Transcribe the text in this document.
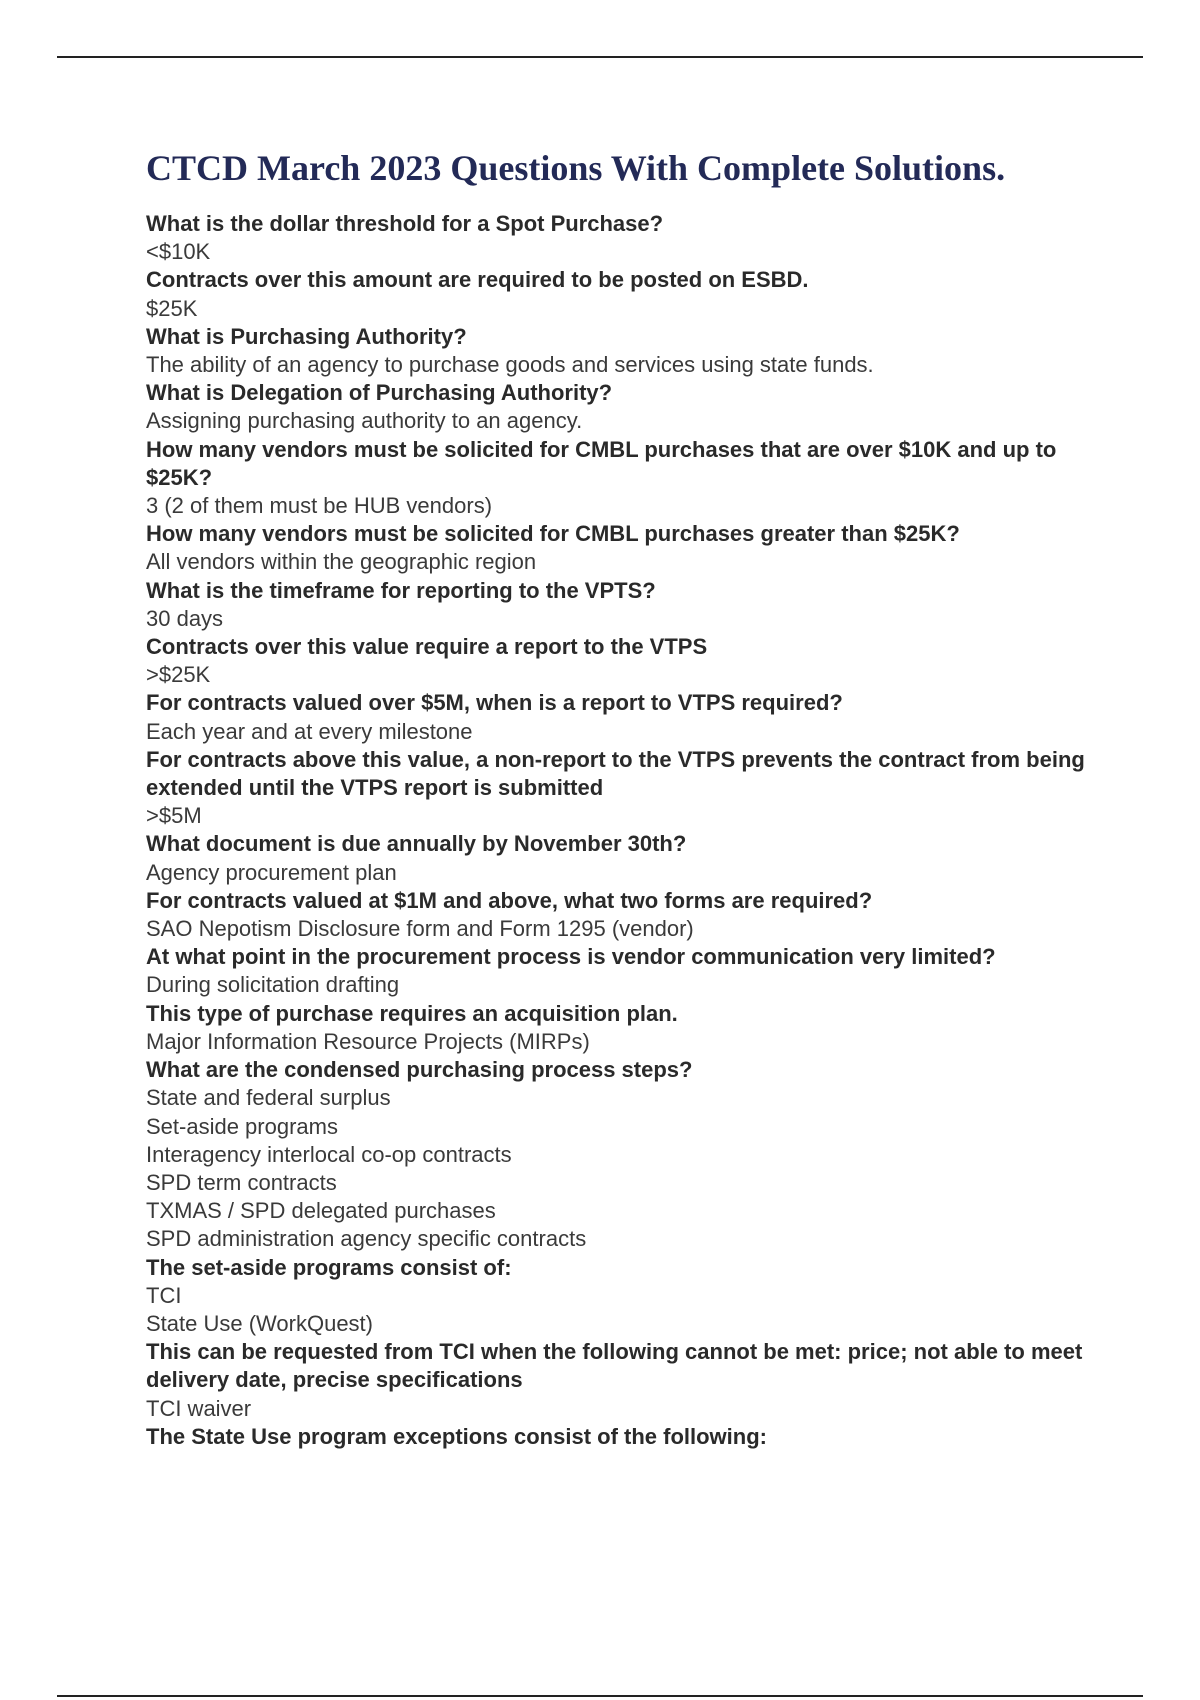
CTCD March 2023 Questions With Complete Solutions.
What is the dollar threshold for a Spot Purchase?
<$10K
Contracts over this amount are required to be posted on ESBD.
$25K
What is Purchasing Authority?
The ability of an agency to purchase goods and services using state funds.
What is Delegation of Purchasing Authority?
Assigning purchasing authority to an agency.
How many vendors must be solicited for CMBL purchases that are over $10K and up to $25K?
3 (2 of them must be HUB vendors)
How many vendors must be solicited for CMBL purchases greater than $25K?
All vendors within the geographic region
What is the timeframe for reporting to the VPTS?
30 days
Contracts over this value require a report to the VTPS
>$25K
For contracts valued over $5M, when is a report to VTPS required?
Each year and at every milestone
For contracts above this value, a non-report to the VTPS prevents the contract from being extended until the VTPS report is submitted
>$5M
What document is due annually by November 30th?
Agency procurement plan
For contracts valued at $1M and above, what two forms are required?
SAO Nepotism Disclosure form and Form 1295 (vendor)
At what point in the procurement process is vendor communication very limited?
During solicitation drafting
This type of purchase requires an acquisition plan.
Major Information Resource Projects (MIRPs)
What are the condensed purchasing process steps?
State and federal surplus
Set-aside programs
Interagency interlocal co-op contracts
SPD term contracts
TXMAS / SPD delegated purchases
SPD administration agency specific contracts
The set-aside programs consist of:
TCI
State Use (WorkQuest)
This can be requested from TCI when the following cannot be met: price; not able to meet delivery date, precise specifications
TCI waiver
The State Use program exceptions consist of the following:
